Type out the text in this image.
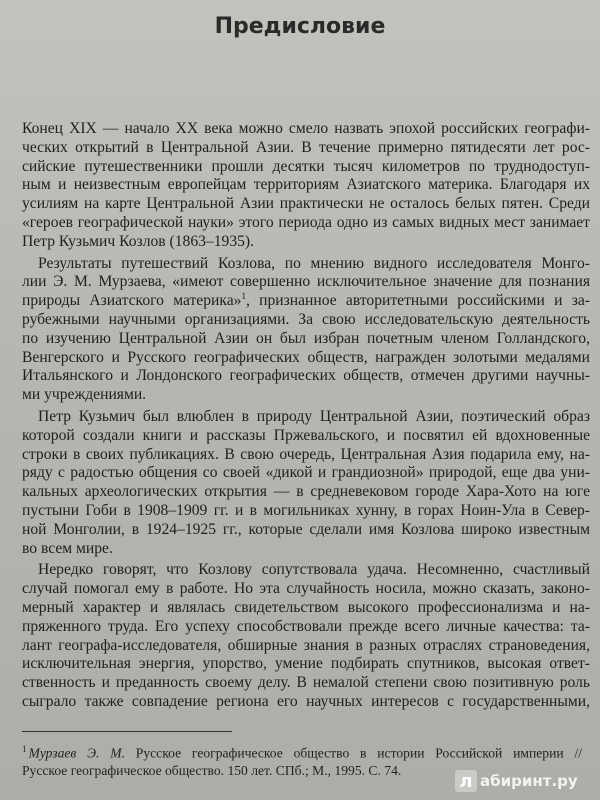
Предисловие

Конец XIX — начало XX века можно смело назвать эпохой российских географи-
ческих открытий в Центральной Азии. В течение примерно пятидесяти лет рос-
сийские путешественники прошли десятки тысяч километров по труднодоступ-
ным и неизвестным европейцам территориям Азиатского материка. Благодаря их
усилиям на карте Центральной Азии практически не осталось белых пятен. Среди
«героев географической науки» этого периода одно из самых видных мест занимает
Петр Кузьмич Козлов (1863–1935).

Результаты путешествий Козлова, по мнению видного исследователя Монго-
лии Э. М. Мурзаева, «имеют совершенно исключительное значение для познания
природы Азиатского материка»$^1$, признанное авторитетными российскими и за-
рубежными научными организациями. За свою исследовательскую деятельность
по изучению Центральной Азии он был избран почетным членом Голландского,
Венгерского и Русского географических обществ, награжден золотыми медалями
Итальянского и Лондонского географических обществ, отмечен другими научны-
ми учреждениями.

Петр Кузьмич был влюблен в природу Центральной Азии, поэтический образ
которой создали книги и рассказы Пржевальского, и посвятил ей вдохновенные
строки в своих публикациях. В свою очередь, Центральная Азия подарила ему, на-
ряду с радостью общения со своей «дикой и грандиозной» природой, еще два уни-
кальных археологических открытия — в средневековом городе Хара-Хото на юге
пустыни Гоби в 1908–1909 гг. и в могильниках хунну, в горах Ноин-Ула в Север-
ной Монголии, в 1924–1925 гг., которые сделали имя Козлова широко известным
во всем мире.

Нередко говорят, что Козлову сопутствовала удача. Несомненно, счастливый
случай помогал ему в работе. Но эта случайность носила, можно сказать, законо-
мерный характер и являлась свидетельством высокого профессионализма и на-
пряженного труда. Его успеху способствовали прежде всего личные качества: та-
лант географа-исследователя, обширные знания в разных отраслях страноведения,
исключительная энергия, упорство, умение подбирать спутников, высокая ответ-
ственность и преданность своему делу. В немалой степени свою позитивную роль
сыграло также совпадение региона его научных интересов с государственными,

$^1$ Мурзаев Э. М. Русское географическое общество в истории Российской империи //
Русское географическое общество. 150 лет. СПб.; М., 1995. С. 74.
л абиринт.ру
